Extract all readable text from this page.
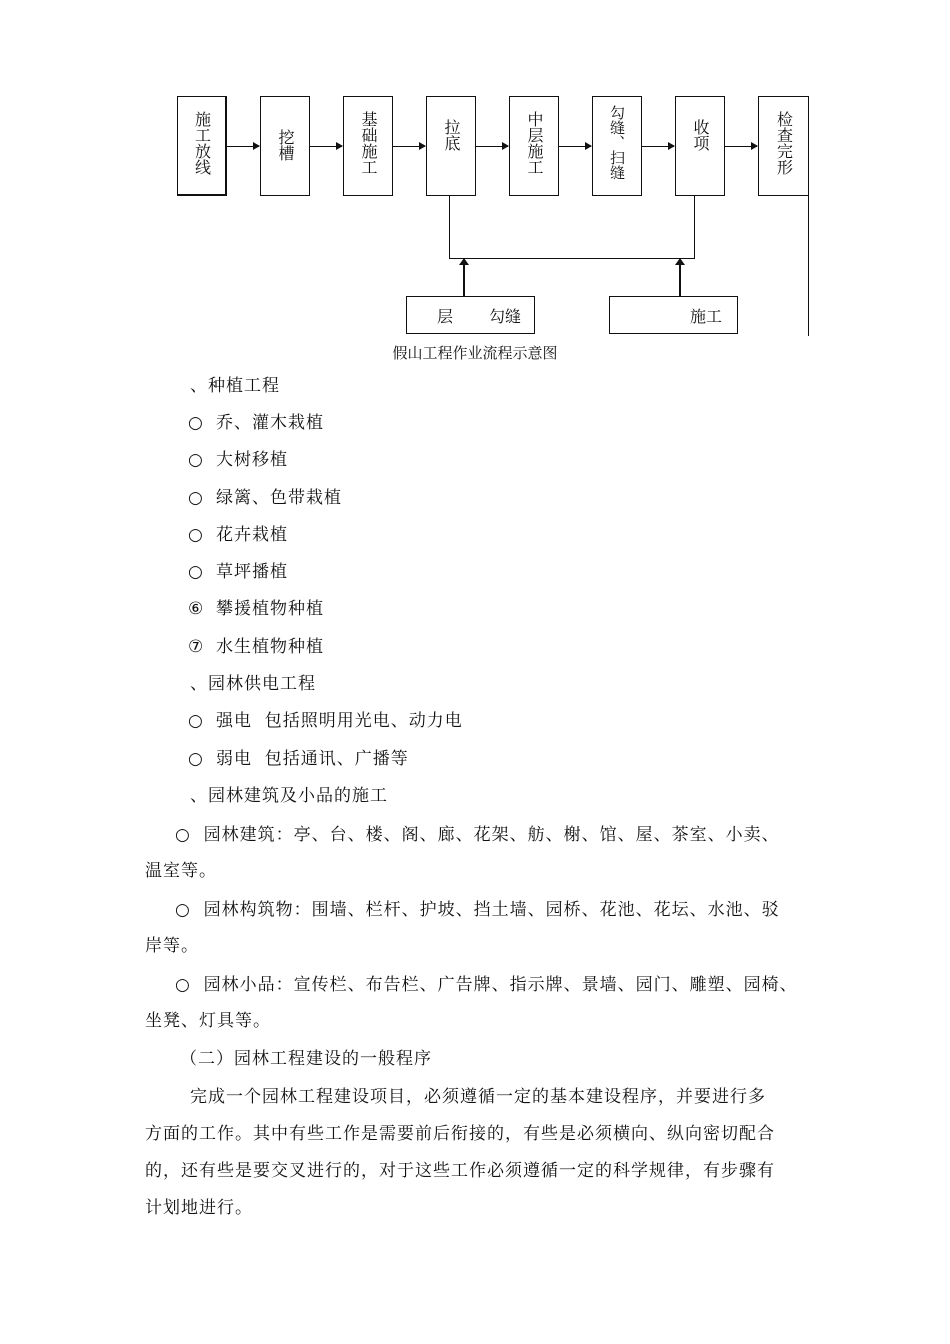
施工放线	挖槽	基础施工	拉底	中层施工	勾缝、扫缝	收项	检查完形
层 勾缝	施工
假山工程作业流程示意图
、种植工程
○ 乔、灌木栽植
○ 大树移植
○ 绿篱、色带栽植
○ 花卉栽植
○ 草坪播植
⑥ 攀援植物种植
⑦ 水生植物种植
、园林供电工程
○ 强电  包括照明用光电、动力电
○ 弱电  包括通讯、广播等
、园林建筑及小品的施工
○  园林建筑：亭、台、楼、阁、廊、花架、舫、榭、馆、屋、茶室、小卖、
温室等。
○  园林构筑物：围墙、栏杆、护坡、挡土墙、园桥、花池、花坛、水池、驳
岸等。
○  园林小品：宣传栏、布告栏、广告牌、指示牌、景墙、园门、雕塑、园椅、
坐凳、灯具等。
（二）园林工程建设的一般程序
完成一个园林工程建设项目，必须遵循一定的基本建设程序，并要进行多
方面的工作。其中有些工作是需要前后衔接的，有些是必须横向、纵向密切配合
的，还有些是要交叉进行的，对于这些工作必须遵循一定的科学规律，有步骤有
计划地进行。
